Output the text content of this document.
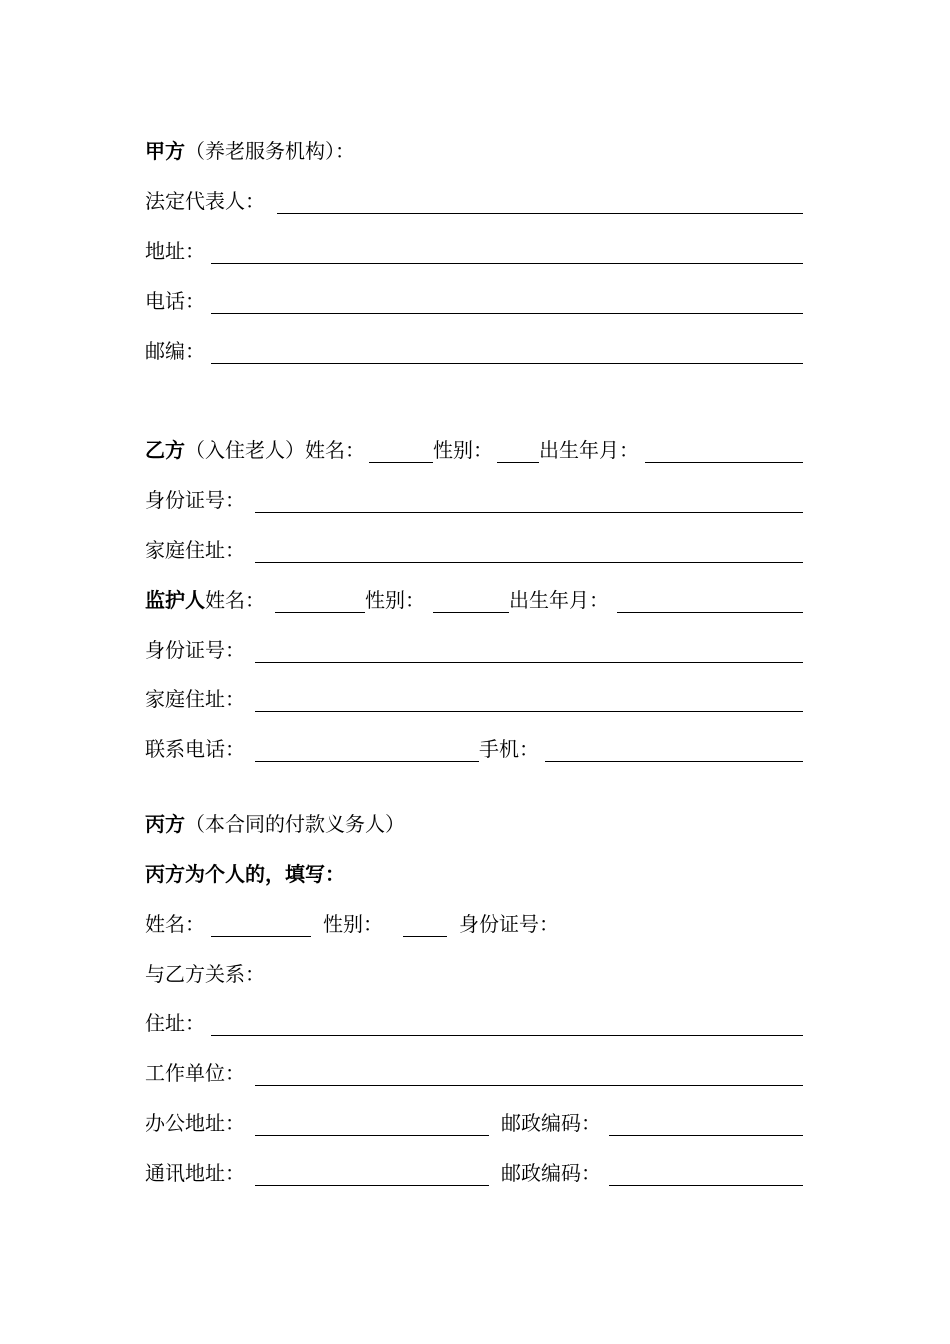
甲方 （养老服务机构）：
法定代表人：
地址：
电话：
邮编：
乙方 （入住老人）姓名：	性别： 出生年月：
身份证号：
家庭住址：
监护人 姓名：	性别：	出生年月：
身份证号：
家庭住址：
联系电话：	手机：
丙方 （本合同的付款义务人）
丙方为个人的，填写：
姓名：	性别：	身份证号：
与乙方关系：
住址：
工作单位：
办公地址：	邮政编码：
通讯地址：	邮政编码：
